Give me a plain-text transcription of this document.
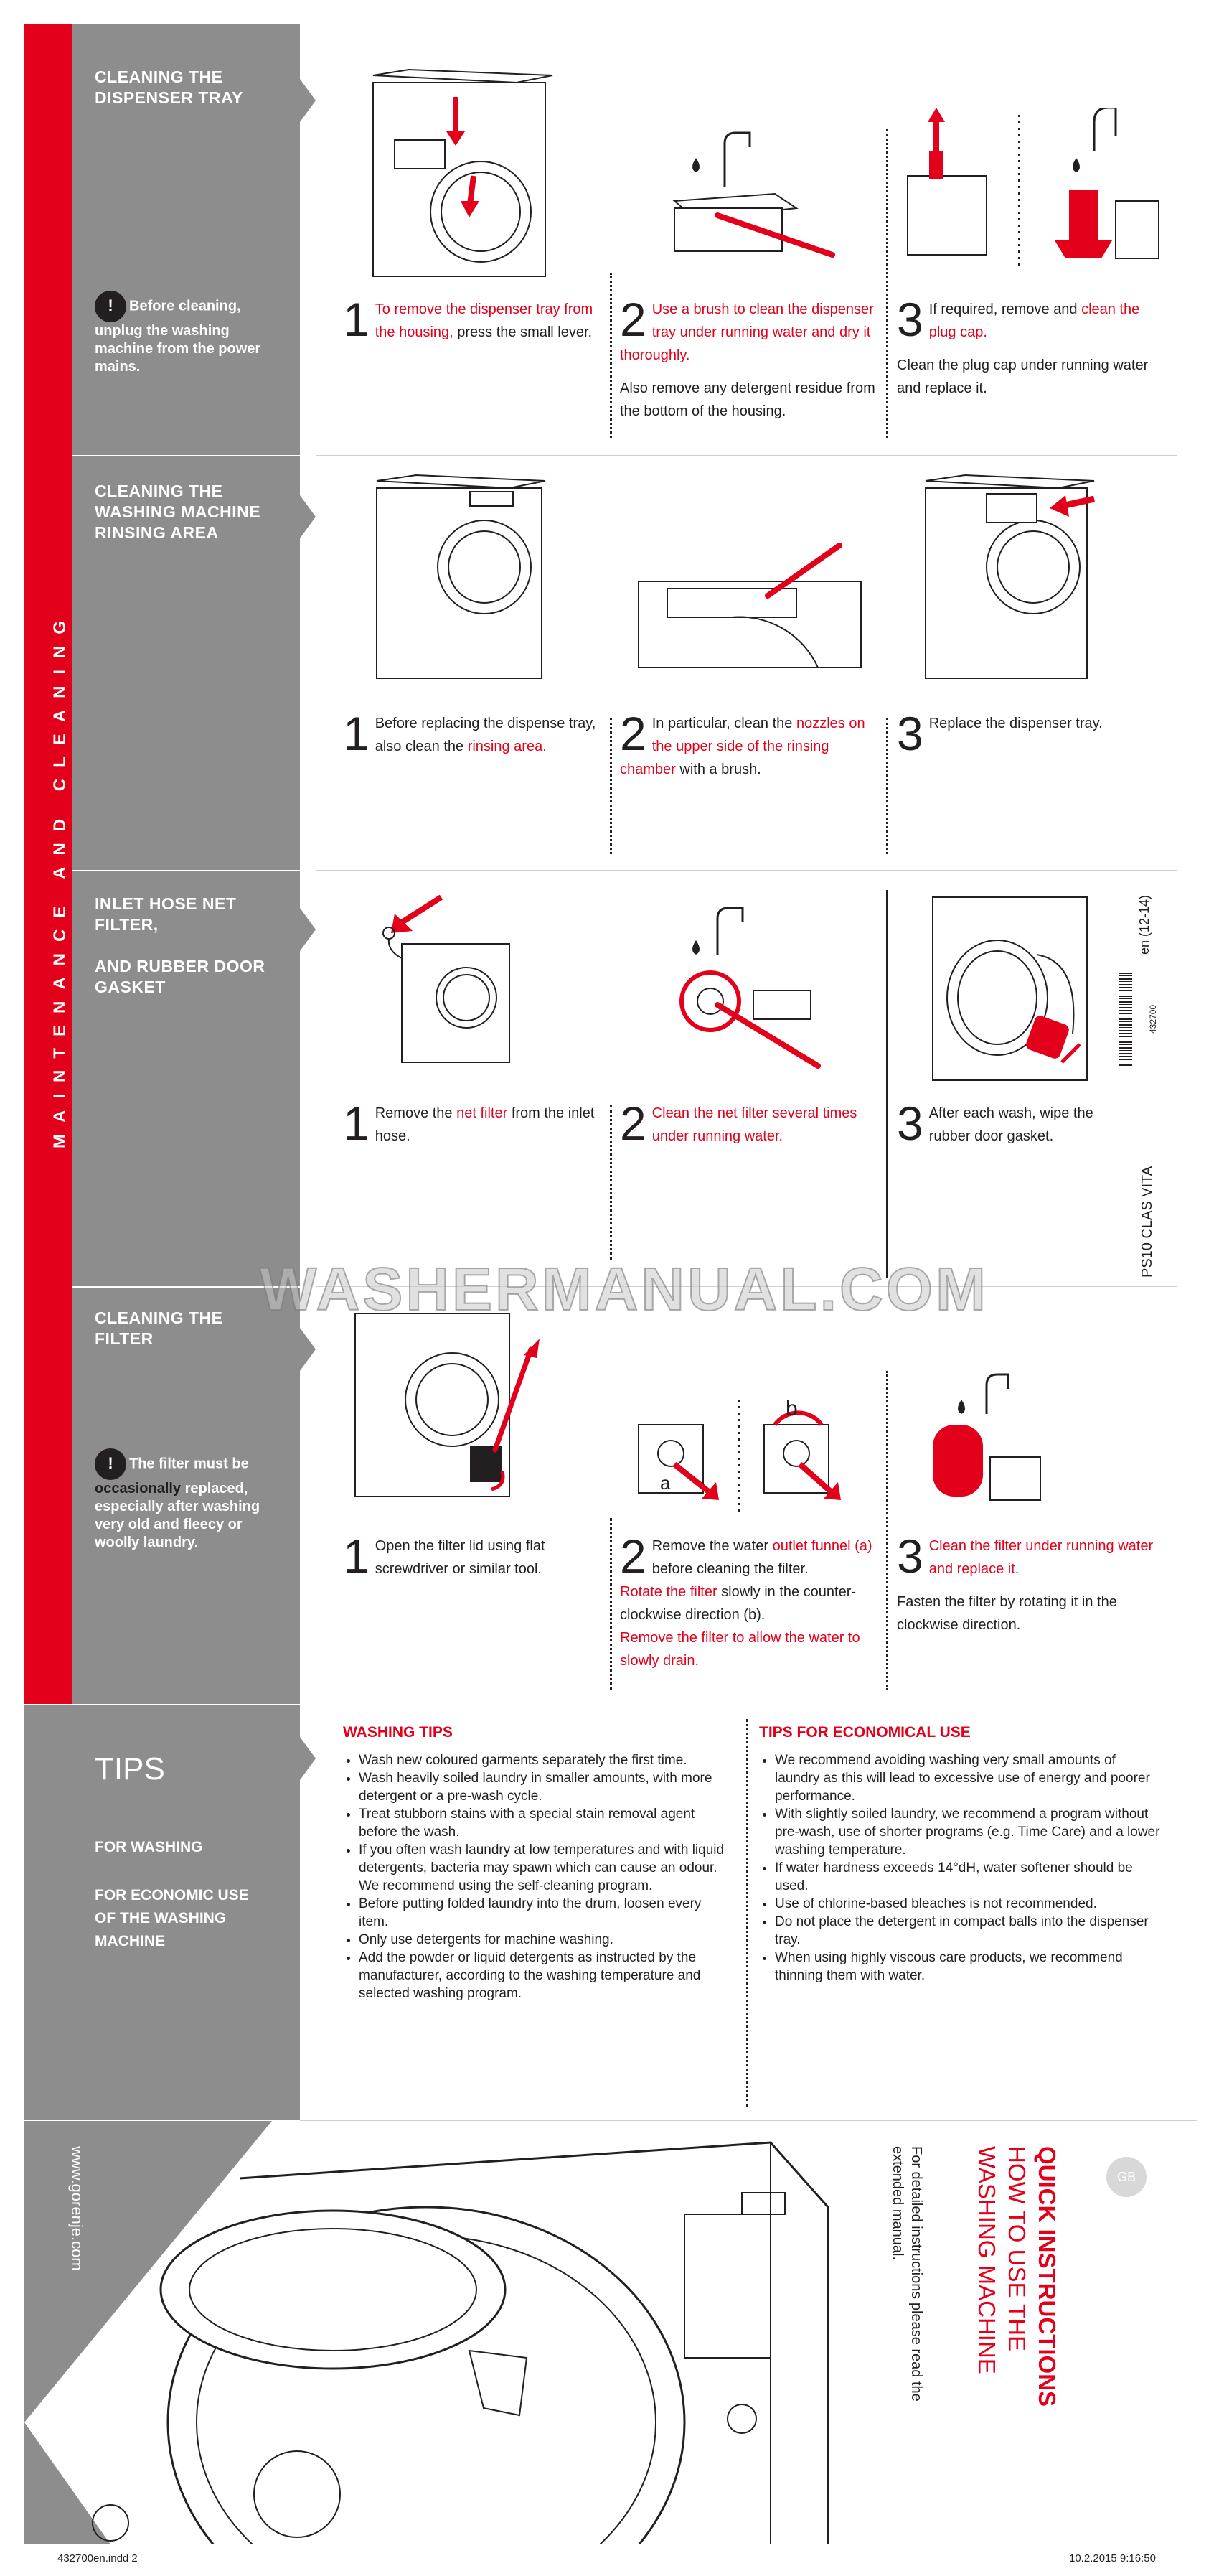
MAINTENANCE AND CLEANING
CLEANING THE
DISPENSER TRAY
! Before cleaning, unplug the washing machine from the power mains.
CLEANING THE
WASHING MACHINE
RINSING AREA
INLET HOSE NET
FILTER,
AND RUBBER DOOR
GASKET
CLEANING THE
FILTER
! The filter must be occasionally replaced, especially after washing very old and fleecy or woolly laundry.
a
b
1 To remove the dispenser tray from the housing, press the small lever. 2 Use a brush to clean the dispenser tray under running water and dry it thoroughly.
Also remove any detergent residue from the bottom of the housing.
3 If required, remove and clean the plug cap.
Clean the plug cap under running water and replace it.
1 Before replacing the dispense tray, also clean the rinsing area.	2 In particular, clean the nozzles on the upper side of the rinsing chamber with a brush.
3 Replace the dispenser tray.
1 Remove the net filter from the inlet hose.	2 Clean the net filter several times under running water.	3 After each wash, wipe the rubber door gasket.
1 Open the filter lid using flat screwdriver or similar tool.	2 Remove the water outlet funnel (a) before cleaning the filter.
Rotate the filter slowly in the counter-clockwise direction (b).
Remove the filter to allow the water to slowly drain.
3 Clean the filter under running water and replace it.
Fasten the filter by rotating it in the clockwise direction.
en (12-14)
432700
PS10 CLAS VITA
WASHERMANUAL.COM
TIPS
FOR WASHING
FOR ECONOMIC USE
OF THE WASHING
MACHINE
WASHING TIPS
• Wash new coloured garments separately the first time.
• Wash heavily soiled laundry in smaller amounts, with more detergent or a pre-wash cycle.
• Treat stubborn stains with a special stain removal agent before the wash.
• If you often wash laundry at low temperatures and with liquid detergents, bacteria may spawn which can cause an odour. We recommend using the self-cleaning program.
• Before putting folded laundry into the drum, loosen every item.
• Only use detergents for machine washing.
• Add the powder or liquid detergents as instructed by the manufacturer, according to the washing temperature and selected washing program.
TIPS FOR ECONOMICAL USE
• We recommend avoiding washing very small amounts of laundry as this will lead to excessive use of energy and poorer performance.
• With slightly soiled laundry, we recommend a program without pre-wash, use of shorter programs (e.g. Time Care) and a lower washing temperature.
• If water hardness exceeds 14°dH, water softener should be used.
• Use of chlorine-based bleaches is not recommended.
• Do not place the detergent in compact balls into the dispenser tray.
• When using highly viscous care products, we recommend thinning them with water.
www.gorenje.com	GB
QUICK INSTRUCTIONS
HOW TO USE THE
WASHING MACHINE
For detailed instructions please read the
extended manual.
432700en.indd 2	10.2.2015 9:16:50
